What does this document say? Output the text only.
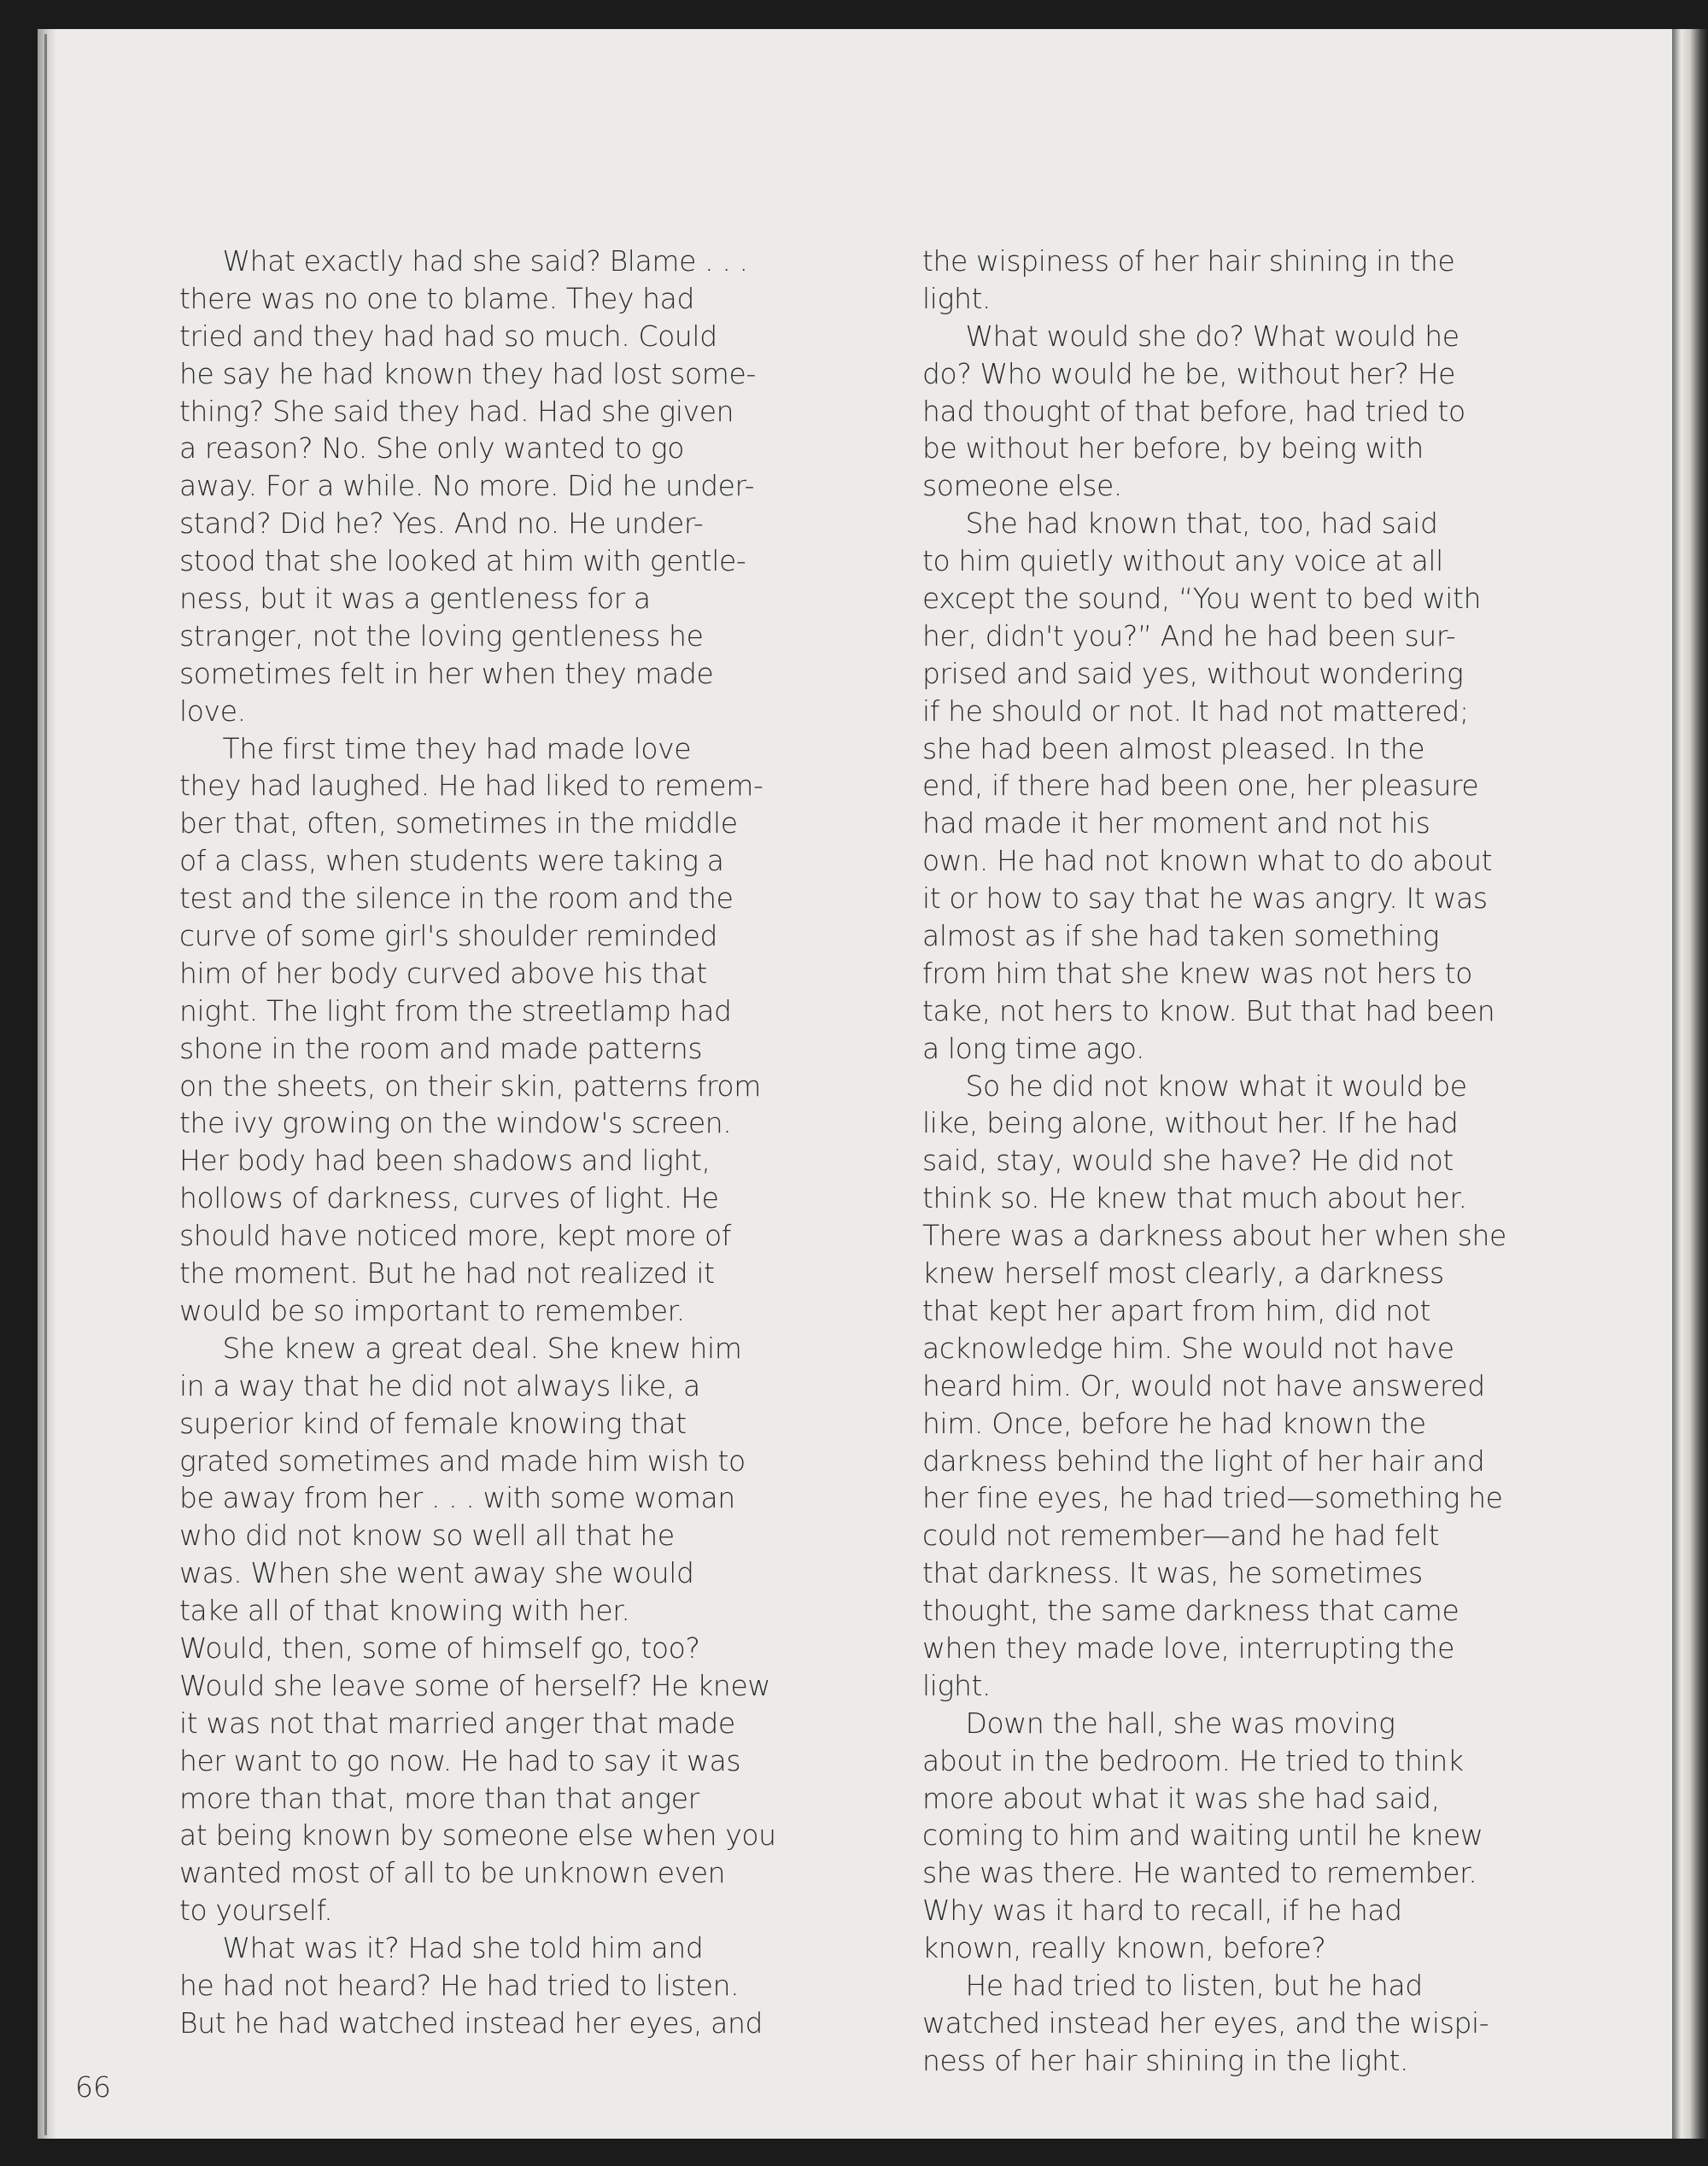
What exactly had she said? Blame . . .
there was no one to blame. They had
tried and they had had so much. Could
he say he had known they had lost some-
thing? She said they had. Had she given
a reason? No. She only wanted to go
away. For a while. No more. Did he under-
stand? Did he? Yes. And no. He under-
stood that she looked at him with gentle-
ness, but it was a gentleness for a
stranger, not the loving gentleness he
sometimes felt in her when they made
love.
The first time they had made love
they had laughed. He had liked to remem-
ber that, often, sometimes in the middle
of a class, when students were taking a
test and the silence in the room and the
curve of some girl's shoulder reminded
him of her body curved above his that
night. The light from the streetlamp had
shone in the room and made patterns
on the sheets, on their skin, patterns from
the ivy growing on the window's screen.
Her body had been shadows and light,
hollows of darkness, curves of light. He
should have noticed more, kept more of
the moment. But he had not realized it
would be so important to remember.
She knew a great deal. She knew him
in a way that he did not always like, a
superior kind of female knowing that
grated sometimes and made him wish to
be away from her . . . with some woman
who did not know so well all that he
was. When she went away she would
take all of that knowing with her.
Would, then, some of himself go, too?
Would she leave some of herself? He knew
it was not that married anger that made
her want to go now. He had to say it was
more than that, more than that anger
at being known by someone else when you
wanted most of all to be unknown even
to yourself.
What was it? Had she told him and
he had not heard? He had tried to listen.
But he had watched instead her eyes, and
the wispiness of her hair shining in the
light.
What would she do? What would he
do? Who would he be, without her? He
had thought of that before, had tried to
be without her before, by being with
someone else.
She had known that, too, had said
to him quietly without any voice at all
except the sound, “You went to bed with
her, didn't you?” And he had been sur-
prised and said yes, without wondering
if he should or not. It had not mattered;
she had been almost pleased. In the
end, if there had been one, her pleasure
had made it her moment and not his
own. He had not known what to do about
it or how to say that he was angry. It was
almost as if she had taken something
from him that she knew was not hers to
take, not hers to know. But that had been
a long time ago.
So he did not know what it would be
like, being alone, without her. If he had
said, stay, would she have? He did not
think so. He knew that much about her.
There was a darkness about her when she
knew herself most clearly, a darkness
that kept her apart from him, did not
acknowledge him. She would not have
heard him. Or, would not have answered
him. Once, before he had known the
darkness behind the light of her hair and
her fine eyes, he had tried—something he
could not remember—and he had felt
that darkness. It was, he sometimes
thought, the same darkness that came
when they made love, interrupting the
light.
Down the hall, she was moving
about in the bedroom. He tried to think
more about what it was she had said,
coming to him and waiting until he knew
she was there. He wanted to remember.
Why was it hard to recall, if he had
known, really known, before?
He had tried to listen, but he had
watched instead her eyes, and the wispi-
ness of her hair shining in the light.
66
